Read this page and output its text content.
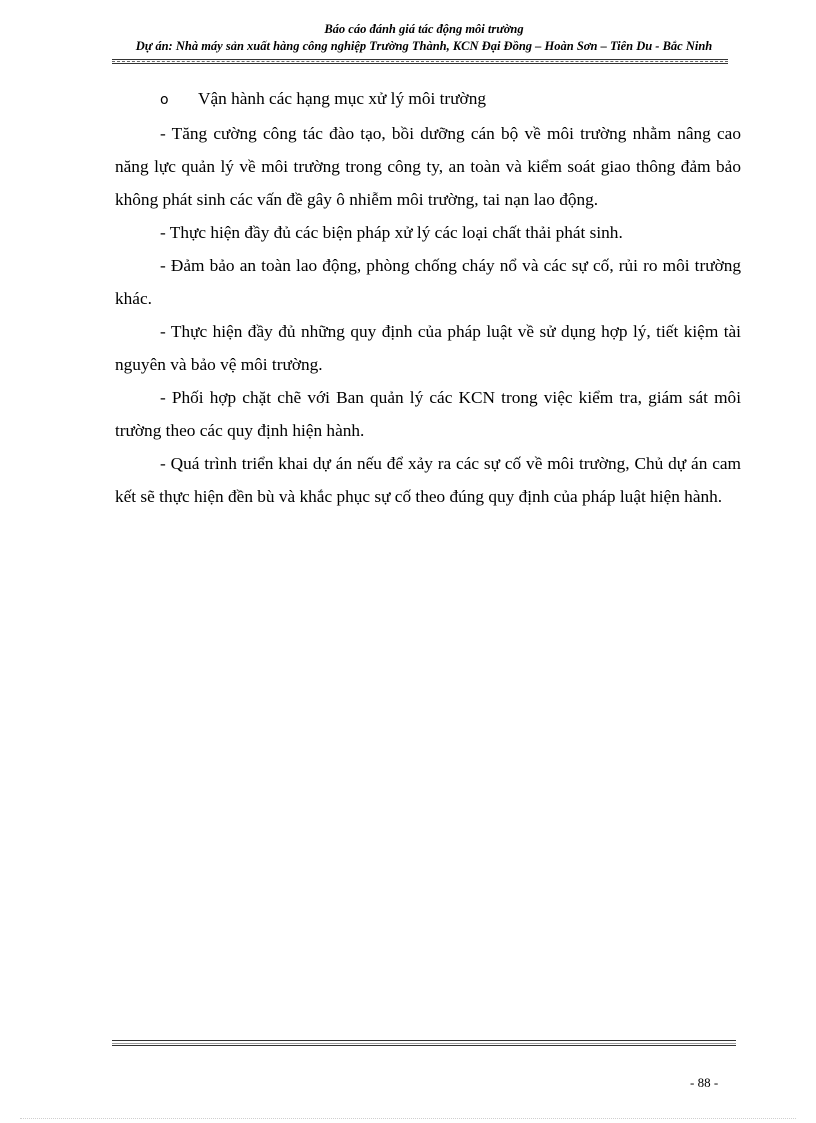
Báo cáo đánh giá tác động môi trường
Dự án: Nhà máy sản xuất hàng công nghiệp Trường Thành, KCN Đại Đồng – Hoàn Sơn – Tiên Du - Bắc Ninh

o	Vận hành các hạng mục xử lý môi trường

- Tăng cường công tác đào tạo, bồi dưỡng cán bộ về môi trường nhằm nâng cao năng lực quản lý về môi trường trong công ty, an toàn và kiểm soát giao thông đảm bảo không phát sinh các vấn đề gây ô nhiễm môi trường, tai nạn lao động.

- Thực hiện đầy đủ các biện pháp xử lý các loại chất thải phát sinh.

- Đảm bảo an toàn lao động, phòng chống cháy nổ và các sự cố, rủi ro môi trường khác.

- Thực hiện đầy đủ những quy định của pháp luật về sử dụng hợp lý, tiết kiệm tài nguyên và bảo vệ môi trường.

- Phối hợp chặt chẽ với Ban quản lý các KCN trong việc kiểm tra, giám sát môi trường theo các quy định hiện hành.

- Quá trình triển khai dự án nếu để xảy ra các sự cố về môi trường, Chủ dự án cam kết sẽ thực hiện đền bù và khắc phục sự cố theo đúng quy định của pháp luật hiện hành.

- 88 -
